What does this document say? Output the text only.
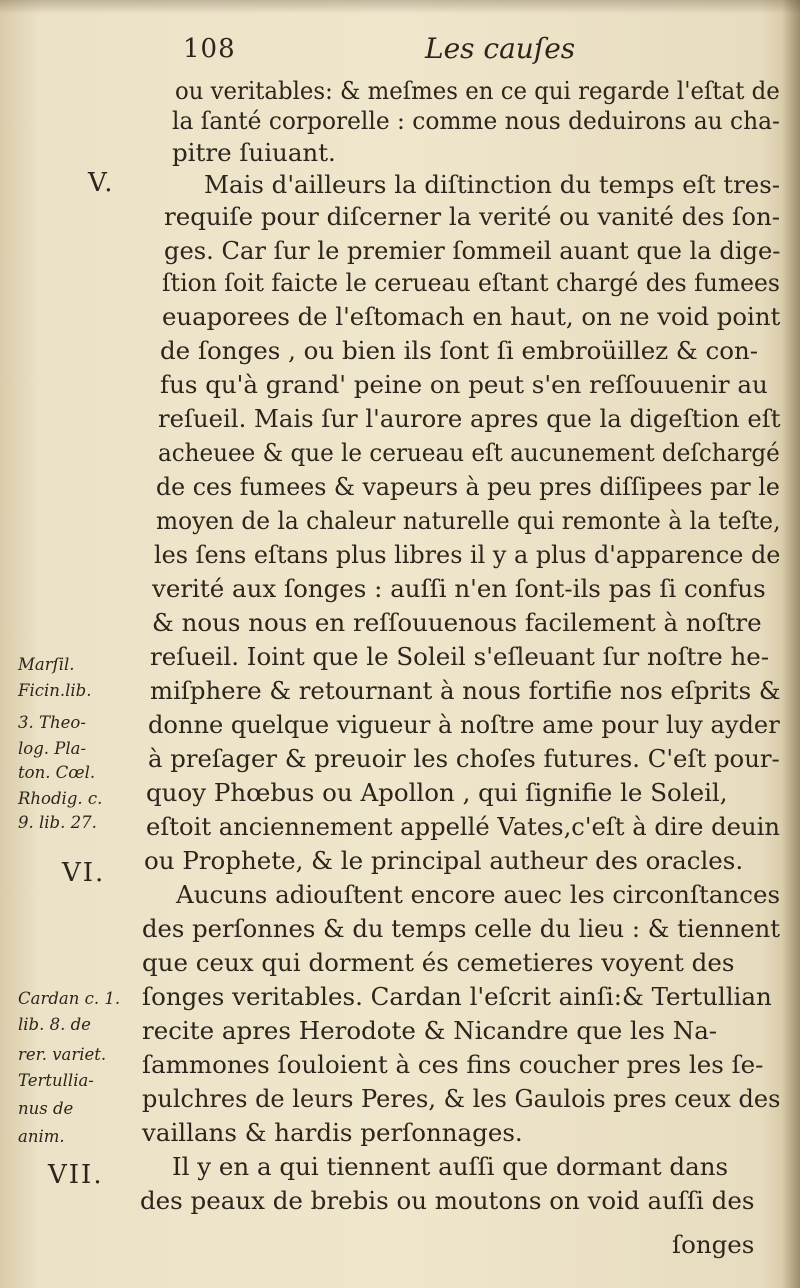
108	Les cauſes
V.
VI.
VII.
Marſil.
Ficin.lib.
3. Theo-
log. Pla-
ton. Cœl.
Rhodig. c.
9. lib. 27.
Cardan c. 1.
lib. 8. de
rer. variet.
Tertullia-
nus de
anim.
ou veritables: & meſmes en ce qui regarde l'eſtat de
la ſanté corporelle : comme nous deduirons au cha-
pitre ſuiuant.
Mais d'ailleurs la diſtinction du temps eſt tres-
requiſe pour diſcerner la verité ou vanité des ſon-
ges. Car ſur le premier ſommeil auant que la dige-
ſtion ſoit faicte le cerueau eſtant chargé des fumees
euaporees de l'eſtomach en haut, on ne void point
de ſonges , ou bien ils ſont ſi embroüillez & con-
fus qu'à grand' peine on peut s'en reſſouuenir au
reſueil. Mais ſur l'aurore apres que la digeſtion eſt
acheuee & que le cerueau eſt aucunement deſchargé
de ces fumees & vapeurs à peu pres diſſipees par le
moyen de la chaleur naturelle qui remonte à la teſte,
les ſens eſtans plus libres il y a plus d'apparence de
verité aux ſonges : auſſi n'en ſont-ils pas ſi confus
& nous nous en reſſouuenous facilement à noſtre
reſueil. Ioint que le Soleil s'eſleuant ſur noſtre he-
miſphere & retournant à nous fortifie nos eſprits &
donne quelque vigueur à noſtre ame pour luy ayder
à preſager & preuoir les choſes futures. C'eſt pour-
quoy Phœbus ou Apollon , qui ſignifie le Soleil,
eſtoit anciennement appellé Vates,c'eſt à dire deuin
ou Prophete, & le principal autheur des oracles.
Aucuns adiouſtent encore auec les circonſtances
des perſonnes & du temps celle du lieu : & tiennent
que ceux qui dorment és cemetieres voyent des
ſonges veritables. Cardan l'eſcrit ainſi:& Tertullian
recite apres Herodote & Nicandre que les Na-
ſammones ſouloient à ces fins coucher pres les ſe-
pulchres de leurs Peres, & les Gaulois pres ceux des
vaillans & hardis perſonnages.
Il y en a qui tiennent auſſi que dormant dans
des peaux de brebis ou moutons on void auſſi des
ſonges
